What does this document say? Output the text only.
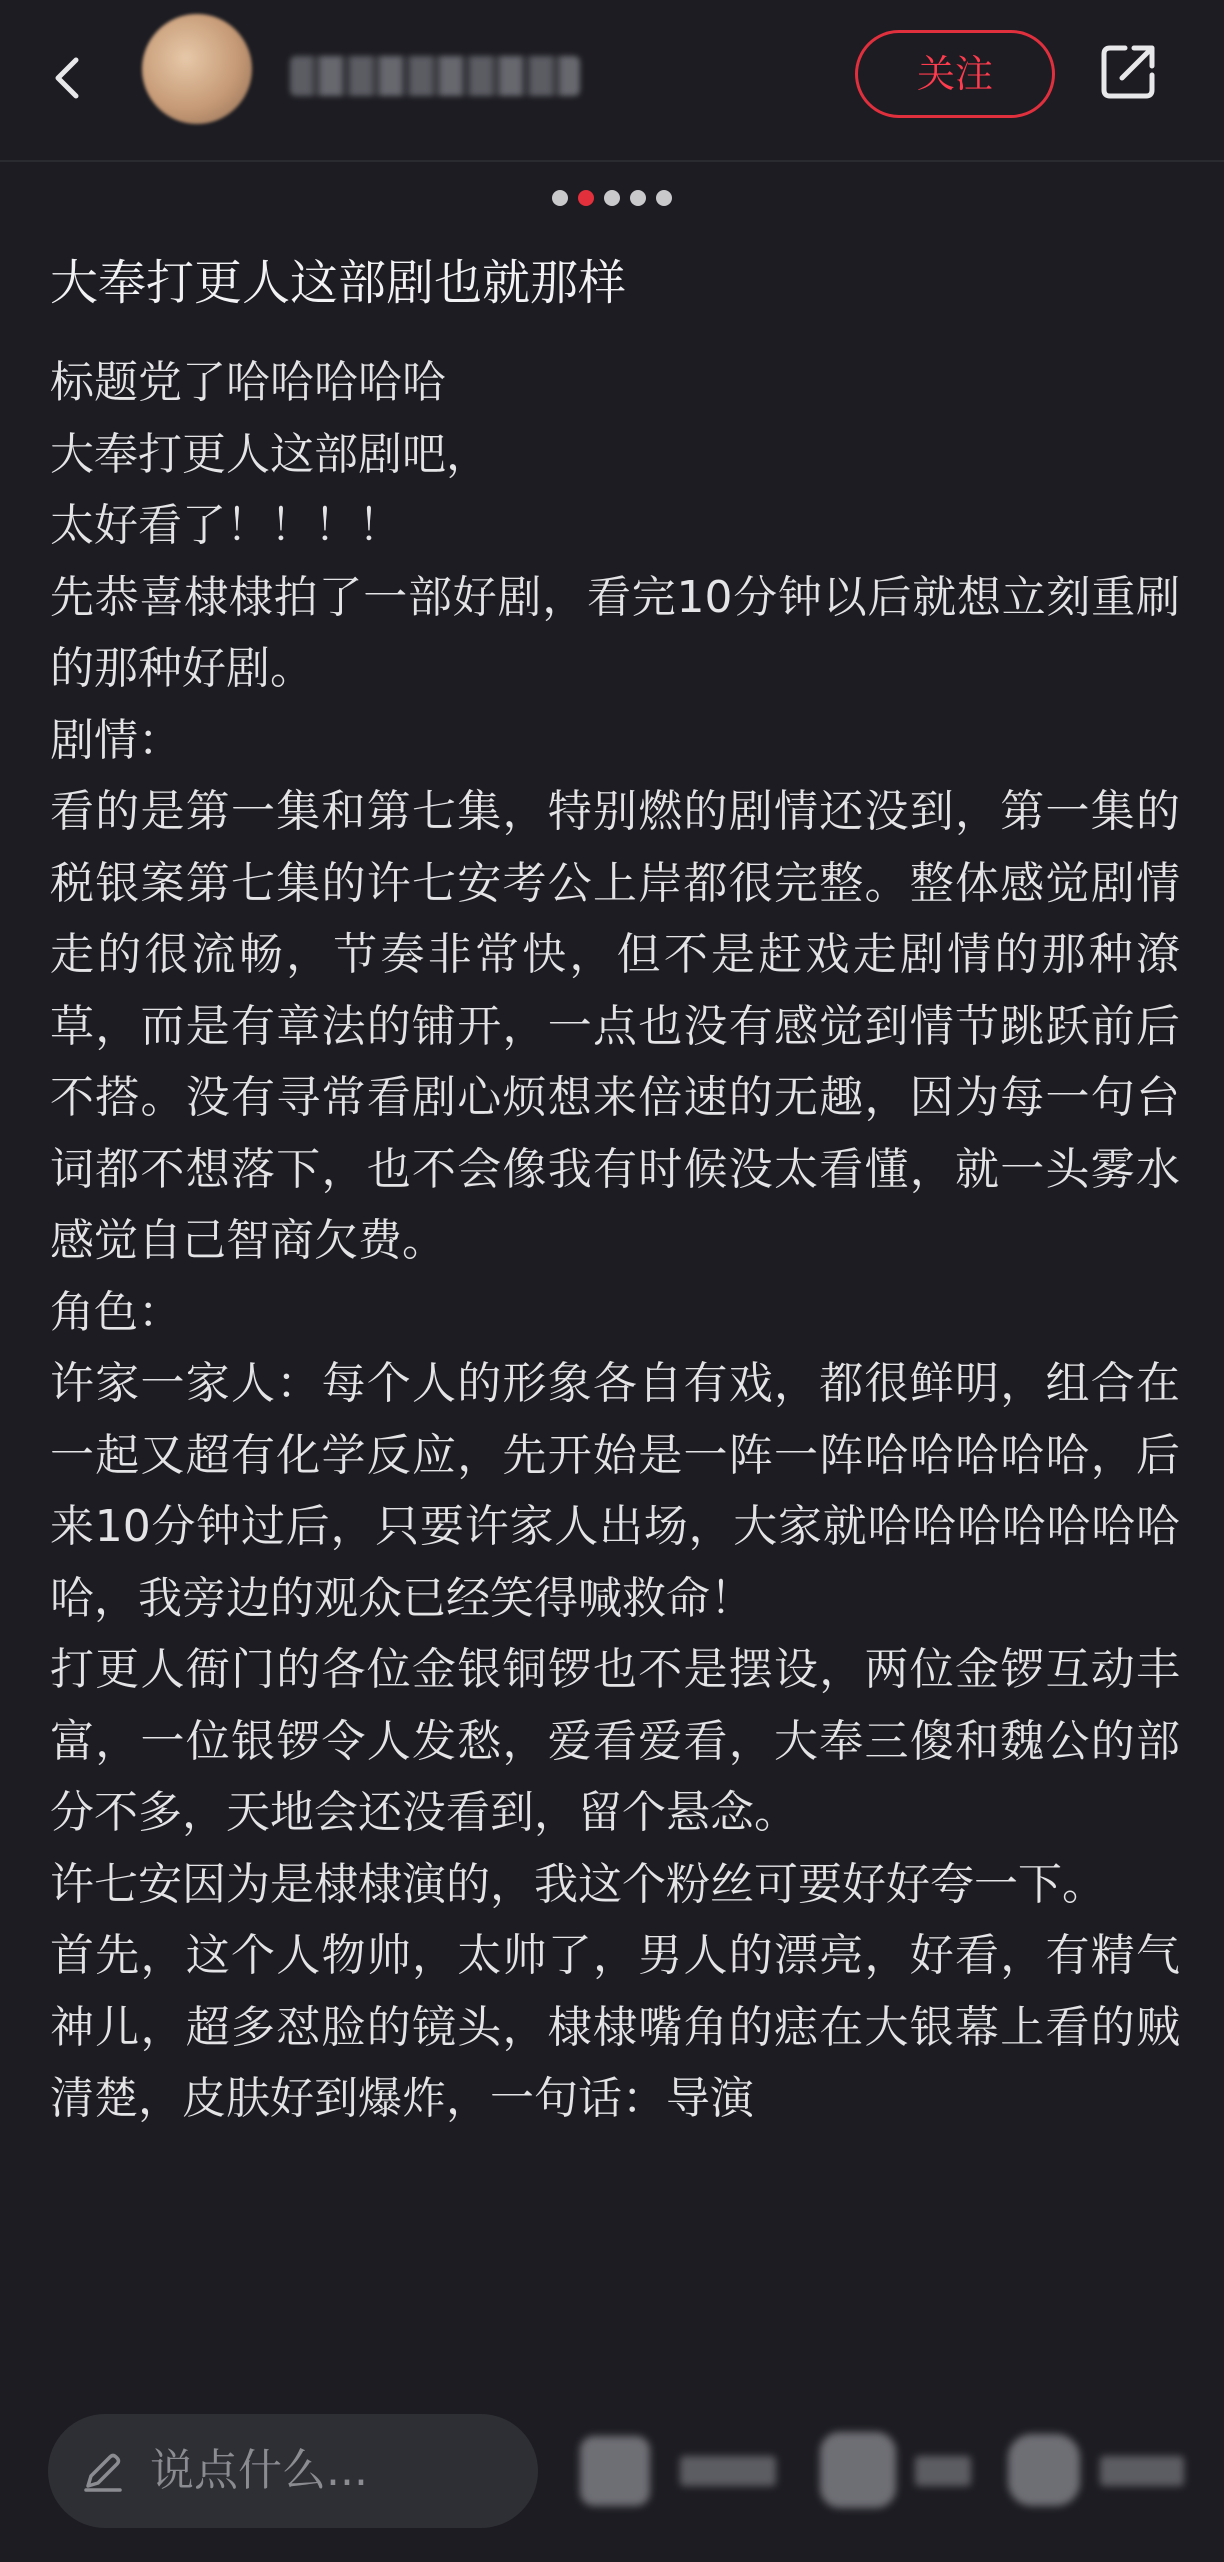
关注
大奉打更人这部剧也就那样

标题党了哈哈哈哈哈

大奉打更人这部剧吧，

太好看了！！！！

先恭喜棣棣拍了一部好剧，看完10分钟以后就想立刻重刷的那种好剧。

剧情：

看的是第一集和第七集，特别燃的剧情还没到，第一集的税银案第七集的许七安考公上岸都很完整。整体感觉剧情走的很流畅，节奏非常快，但不是赶戏走剧情的那种潦草，而是有章法的铺开，一点也没有感觉到情节跳跃前后不搭。没有寻常看剧心烦想来倍速的无趣，因为每一句台词都不想落下，也不会像我有时候没太看懂，就一头雾水感觉自己智商欠费。

角色：

许家一家人：每个人的形象各自有戏，都很鲜明，组合在一起又超有化学反应，先开始是一阵一阵哈哈哈哈哈，后来10分钟过后，只要许家人出场，大家就哈哈哈哈哈哈哈哈，我旁边的观众已经笑得喊救命！

打更人衙门的各位金银铜锣也不是摆设，两位金锣互动丰富，一位银锣令人发愁，爱看爱看，大奉三傻和魏公的部分不多，天地会还没看到，留个悬念。

许七安因为是棣棣演的，我这个粉丝可要好好夸一下。

首先，这个人物帅，太帅了，男人的漂亮，好看，有精气神儿，超多怼脸的镜头，棣棣嘴角的痣在大银幕上看的贼清楚，皮肤好到爆炸，一句话：导演

说点什么...
